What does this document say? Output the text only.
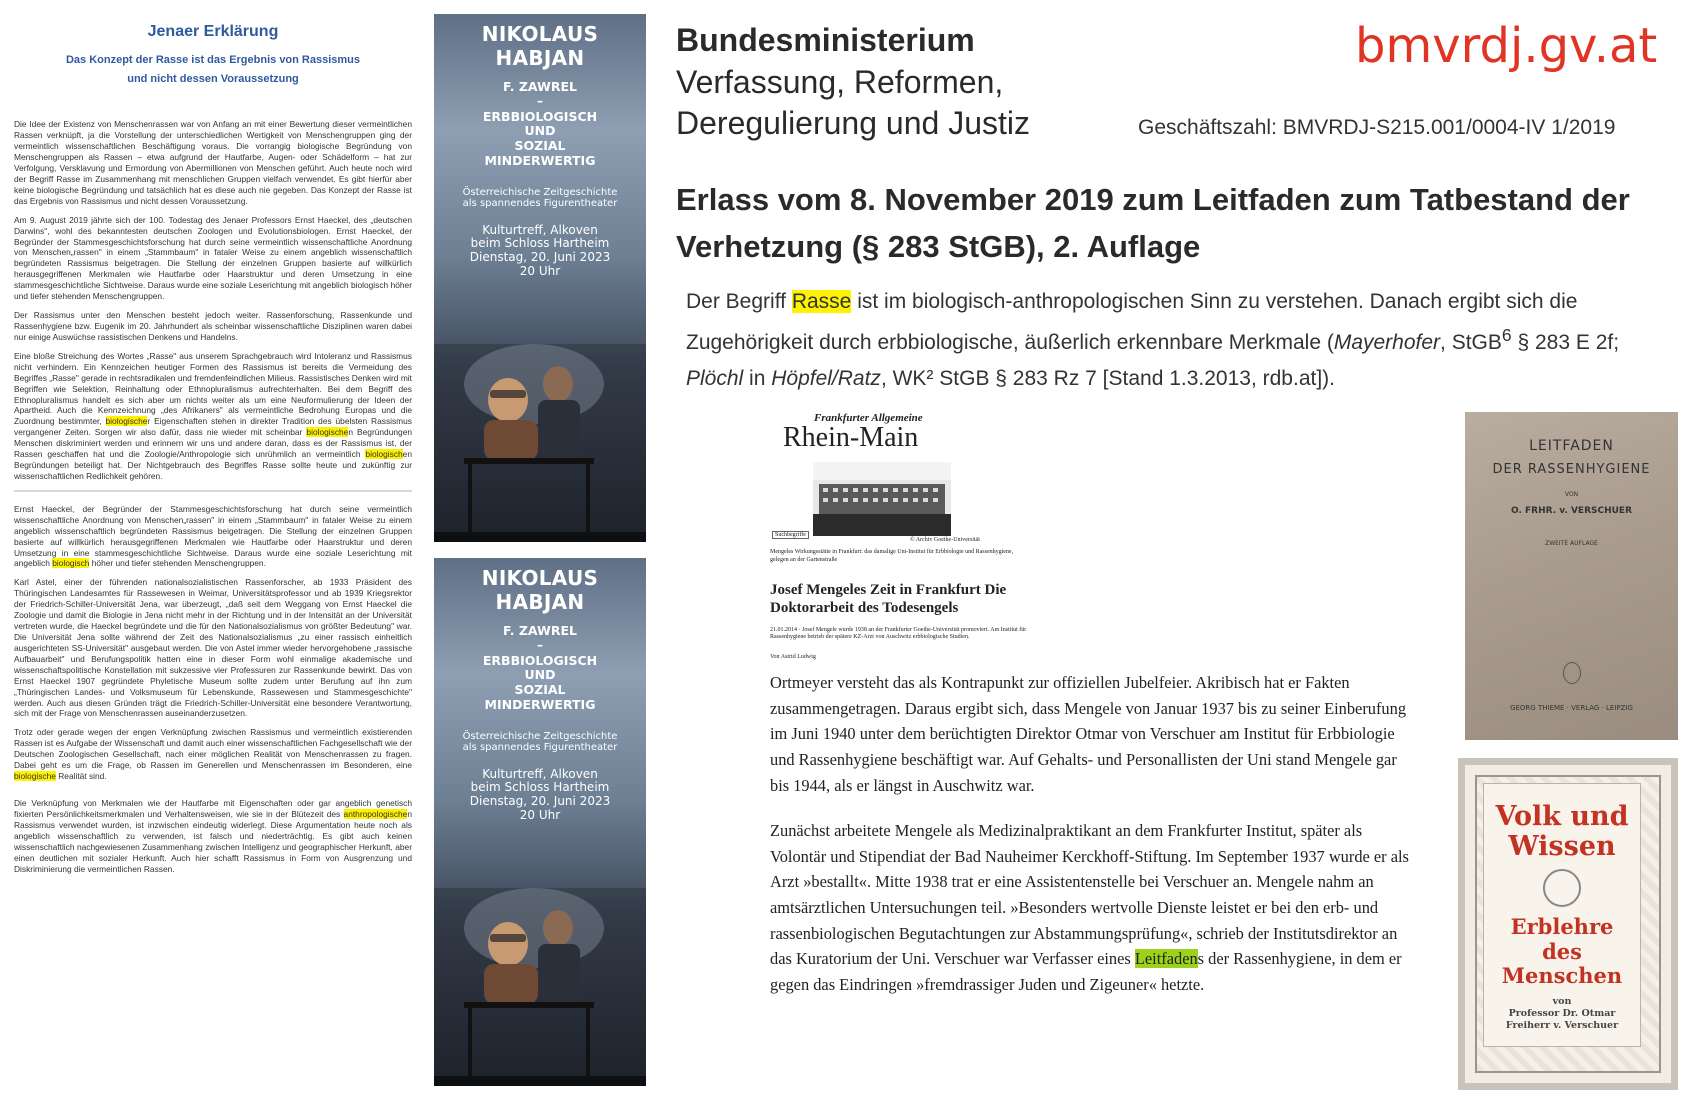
Jenaer Erklärung
Das Konzept der Rasse ist das Ergebnis von Rassismus
und nicht dessen Voraussetzung

Die Idee der Existenz von Menschenrassen war von Anfang an mit einer Bewertung dieser vermeintlichen Rassen verknüpft, ja die Vorstellung der unterschiedlichen Wertigkeit von Menschengruppen ging der vermeintlich wissenschaftlichen Beschäftigung voraus. Die vorrangig biologische Begründung von Menschengruppen als Rassen – etwa aufgrund der Hautfarbe, Augen- oder Schädelform – hat zur Verfolgung, Versklavung und Ermordung von Abermillionen von Menschen geführt. Auch heute noch wird der Begriff Rasse im Zusammenhang mit menschlichen Gruppen vielfach verwendet. Es gibt hierfür aber keine biologische Begründung und tatsächlich hat es diese auch nie gegeben. Das Konzept der Rasse ist das Ergebnis von Rassismus und nicht dessen Voraussetzung.

Am 9. August 2019 jährte sich der 100. Todestag des Jenaer Professors Ernst Haeckel, des „deutschen Darwins", wohl des bekanntesten deutschen Zoologen und Evolutionsbiologen. Ernst Haeckel, der Begründer der Stammesgeschichtsforschung hat durch seine vermeintlich wissenschaftliche Anordnung von Menschen„rassen" in einem „Stammbaum" in fataler Weise zu einem angeblich wissenschaftlich begründeten Rassismus beigetragen. Die Stellung der einzelnen Gruppen basierte auf willkürlich herausgegriffenen Merkmalen wie Hautfarbe oder Haarstruktur und deren Umsetzung in eine stammesgeschichtliche Sichtweise. Daraus wurde eine soziale Leserichtung mit angeblich biologisch höher und tiefer stehenden Menschengruppen.

Der Rassismus unter den Menschen besteht jedoch weiter. Rassenforschung, Rassenkunde und Rassenhygiene bzw. Eugenik im 20. Jahrhundert als scheinbar wissenschaftliche Disziplinen waren dabei nur einige Auswüchse rassistischen Denkens und Handelns.

Eine bloße Streichung des Wortes „Rasse" aus unserem Sprachgebrauch wird Intoleranz und Rassismus nicht verhindern. Ein Kennzeichen heutiger Formen des Rassismus ist bereits die Vermeidung des Begriffes „Rasse" gerade in rechtsradikalen und fremdenfeindlichen Milieus. Rassistisches Denken wird mit Begriffen wie Selektion, Reinhaltung oder Ethnopluralismus aufrechterhalten. Bei dem Begriff des Ethnopluralismus handelt es sich aber um nichts weiter als um eine Neuformulierung der Ideen der Apartheid. Auch die Kennzeichnung „des Afrikaners" als vermeintliche Bedrohung Europas und die Zuordnung bestimmter, biologischer Eigenschaften stehen in direkter Tradition des übelsten Rassismus vergangener Zeiten. Sorgen wir also dafür, dass nie wieder mit scheinbar biologischen Begründungen Menschen diskriminiert werden und erinnern wir uns und andere daran, dass es der Rassismus ist, der Rassen geschaffen hat und die Zoologie/Anthropologie sich unrühmlich an vermeintlich biologischen Begründungen beteiligt hat. Der Nichtgebrauch des Begriffes Rasse sollte heute und zukünftig zur wissenschaftlichen Redlichkeit gehören.

Ernst Haeckel, der Begründer der Stammesgeschichtsforschung hat durch seine vermeintlich wissenschaftliche Anordnung von Menschen„rassen" in einem „Stammbaum" in fataler Weise zu einem angeblich wissenschaftlich begründeten Rassismus beigetragen. Die Stellung der einzelnen Gruppen basierte auf willkürlich herausgegriffenen Merkmalen wie Hautfarbe oder Haarstruktur und deren Umsetzung in eine stammesgeschichtliche Sichtweise. Daraus wurde eine soziale Leserichtung mit angeblich biologisch höher und tiefer stehenden Menschengruppen.

Karl Astel, einer der führenden nationalsozialistischen Rassenforscher, ab 1933 Präsident des Thüringischen Landesamtes für Rassewesen in Weimar, Universitätsprofessor und ab 1939 Kriegsrektor der Friedrich-Schiller-Universität Jena, war überzeugt, „daß seit dem Weggang von Ernst Haeckel die Zoologie und damit die Biologie in Jena nicht mehr in der Richtung und in der Intensität an der Universität vertreten wurde, die Haeckel begründete und die für den Nationalsozialismus von größter Bedeutung" war. Die Universität Jena sollte während der Zeit des Nationalsozialismus „zu einer rassisch einheitlich ausgerichteten SS-Universität" ausgebaut werden. Die von Astel immer wieder hervorgehobene „rassische Aufbauarbeit" und Berufungspolitik hatten eine in dieser Form wohl einmalige akademische und wissenschaftspolitische Konstellation mit sukzessive vier Professuren zur Rassenkunde bewirkt. Das von Ernst Haeckel 1907 gegründete Phyletische Museum sollte zudem unter Berufung auf ihn zum „Thüringischen Landes- und Volksmuseum für Lebenskunde, Rassewesen und Stammesgeschichte" werden. Auch aus diesen Gründen trägt die Friedrich-Schiller-Universität eine besondere Verantwortung, sich mit der Frage von Menschenrassen auseinanderzusetzen.

Trotz oder gerade wegen der engen Verknüpfung zwischen Rassismus und vermeintlich existierenden Rassen ist es Aufgabe der Wissenschaft und damit auch einer wissenschaftlichen Fachgesellschaft wie der Deutschen Zoologischen Gesellschaft, nach einer möglichen Realität von Menschenrassen zu fragen. Dabei geht es um die Frage, ob Rassen im Generellen und Menschenrassen im Besonderen, eine biologische Realität sind.

Die Verknüpfung von Merkmalen wie der Hautfarbe mit Eigenschaften oder gar angeblich genetisch fixierten Persönlichkeitsmerkmalen und Verhaltensweisen, wie sie in der Blütezeit des anthropologischen Rassismus verwendet wurden, ist inzwischen eindeutig widerlegt. Diese Argumentation heute noch als angeblich wissenschaftlich zu verwenden, ist falsch und niederträchtig. Es gibt auch keinen wissenschaftlich nachgewiesenen Zusammenhang zwischen Intelligenz und geographischer Herkunft, aber einen deutlichen mit sozialer Herkunft. Auch hier schafft Rassismus in Form von Ausgrenzung und Diskriminierung die vermeintlichen Rassen.

NIKOLAUS HABJAN
F. ZAWREL
–
ERBBIOLOGISCH
UND
SOZIAL
MINDERWERTIG
Österreichische Zeitgeschichte
als spannendes Figurentheater
Kulturtreff, Alkoven
beim Schloss Hartheim
Dienstag, 20. Juni 2023
20 Uhr
NIKOLAUS HABJAN
F. ZAWREL
–
ERBBIOLOGISCH
UND
SOZIAL
MINDERWERTIG
Österreichische Zeitgeschichte
als spannendes Figurentheater
Kulturtreff, Alkoven
beim Schloss Hartheim
Dienstag, 20. Juni 2023
20 Uhr
Bundesministerium
Verfassung, Reformen,
Deregulierung und Justiz
bmvrdj.gv.at
Geschäftszahl: BMVRDJ-S215.001/0004-IV 1/2019
Erlass vom 8. November 2019 zum Leitfaden zum Tatbestand der
Verhetzung (§ 283 StGB), 2. Auflage
Der Begriff Rasse ist im biologisch-anthropologischen Sinn zu verstehen. Danach ergibt sich die Zugehörigkeit durch erbbiologische, äußerlich erkennbare Merkmale (Mayerhofer, StGB$^6$ § 283 E 2f; Plöchl in Höpfel/Ratz, WK² StGB § 283 Rz 7 [Stand 1.3.2013, rdb.at]).
Frankfurter Allgemeine
Rhein-Main
Suchbegriffe
© Archiv Goethe-Universität
Mengeles Wirkungsstätte in Frankfurt: das damalige Uni-Institut für Erbbiologie und Rassenhygiene, gelegen an der Gartenstraße
Josef Mengeles Zeit in Frankfurt Die
Doktorarbeit des Todesengels
21.01.2014 · Josef Mengele wurde 1938 an der Frankfurter Goethe-Universität promoviert. Am Institut für Rassenhygiene betrieb der spätere KZ-Arzt von Auschwitz erbbiologische Studien.
Von Astrid Ludwig

Ortmeyer versteht das als Kontrapunkt zur offiziellen Jubelfeier. Akribisch hat er Fakten zusammengetragen. Daraus ergibt sich, dass Mengele von Januar 1937 bis zu seiner Einberufung im Juni 1940 unter dem berüchtigten Direktor Otmar von Verschuer am Institut für Erbbiologie und Rassenhygiene beschäftigt war. Auf Gehalts- und Personallisten der Uni stand Mengele gar bis 1944, als er längst in Auschwitz war.

Zunächst arbeitete Mengele als Medizinalpraktikant an dem Frankfurter Institut, später als Volontär und Stipendiat der Bad Nauheimer Kerckhoff-Stiftung. Im September 1937 wurde er als Arzt »bestallt«. Mitte 1938 trat er eine Assistentenstelle bei Verschuer an. Mengele nahm an amtsärztlichen Untersuchungen teil. »Besonders wertvolle Dienste leistet er bei den erb- und rassenbiologischen Begutachtungen zur Abstammungsprüfung«, schrieb der Institutsdirektor an das Kuratorium der Uni. Verschuer war Verfasser eines Leitfadens der Rassenhygiene, in dem er gegen das Eindringen »fremdrassiger Juden und Zigeuner« hetzte.

LEITFADEN
DER RASSENHYGIENE
VON
O. FRHR. v. VERSCHUER
ZWEITE AUFLAGE
GEORG THIEME · VERLAG · LEIPZIG
Volk und
Wissen
Erblehre
des Menschen
von
Professor Dr. Otmar
Freiherr v. Verschuer
